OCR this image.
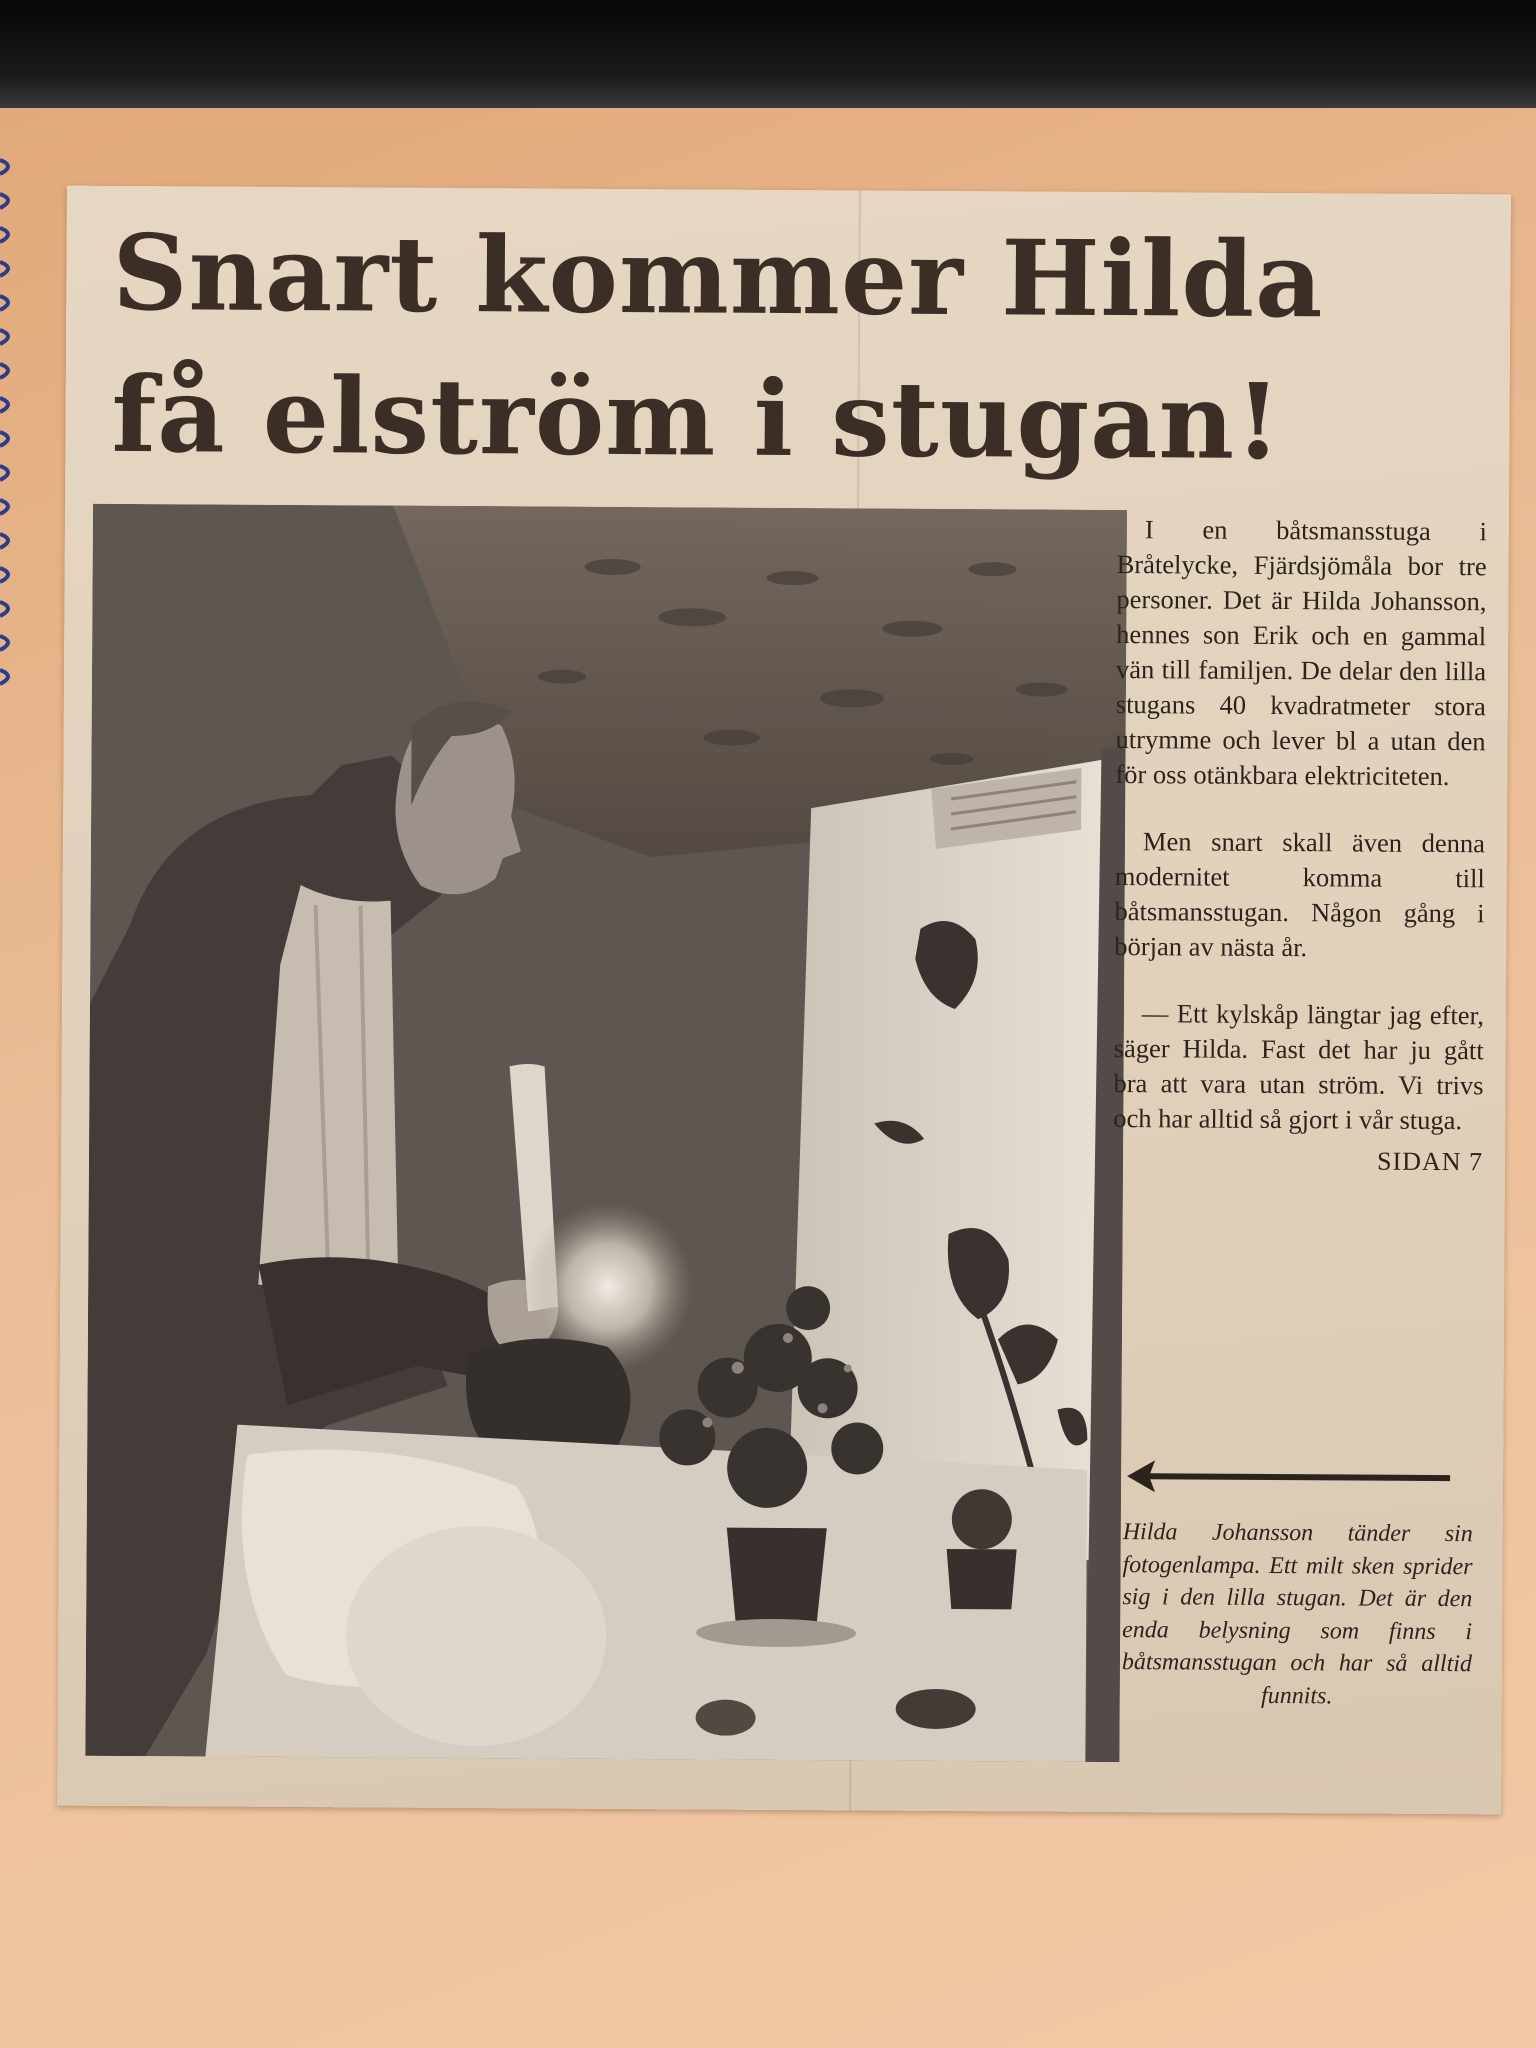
Snart kommer Hilda
få elström i stugan!

I en båtsmansstuga i Bråtelycke, Fjärdsjömåla bor tre personer. Det är Hilda Johansson, hennes son Erik och en gammal vän till familjen. De delar den lilla stugans 40 kvadratmeter stora utrymme och lever bl a utan den för oss otänkbara elektriciteten.

Men snart skall även denna modernitet komma till båtsmansstugan. Någon gång i början av nästa år.

— Ett kylskåp längtar jag efter, säger Hilda. Fast det har ju gått bra att vara utan ström. Vi trivs och har alltid så gjort i vår stuga.

SIDAN 7

Hilda Johansson tänder sin fotogenlampa. Ett milt sken sprider sig i den lilla stugan. Det är den enda belysning som finns i båtsmansstugan och har så alltid funnits.
